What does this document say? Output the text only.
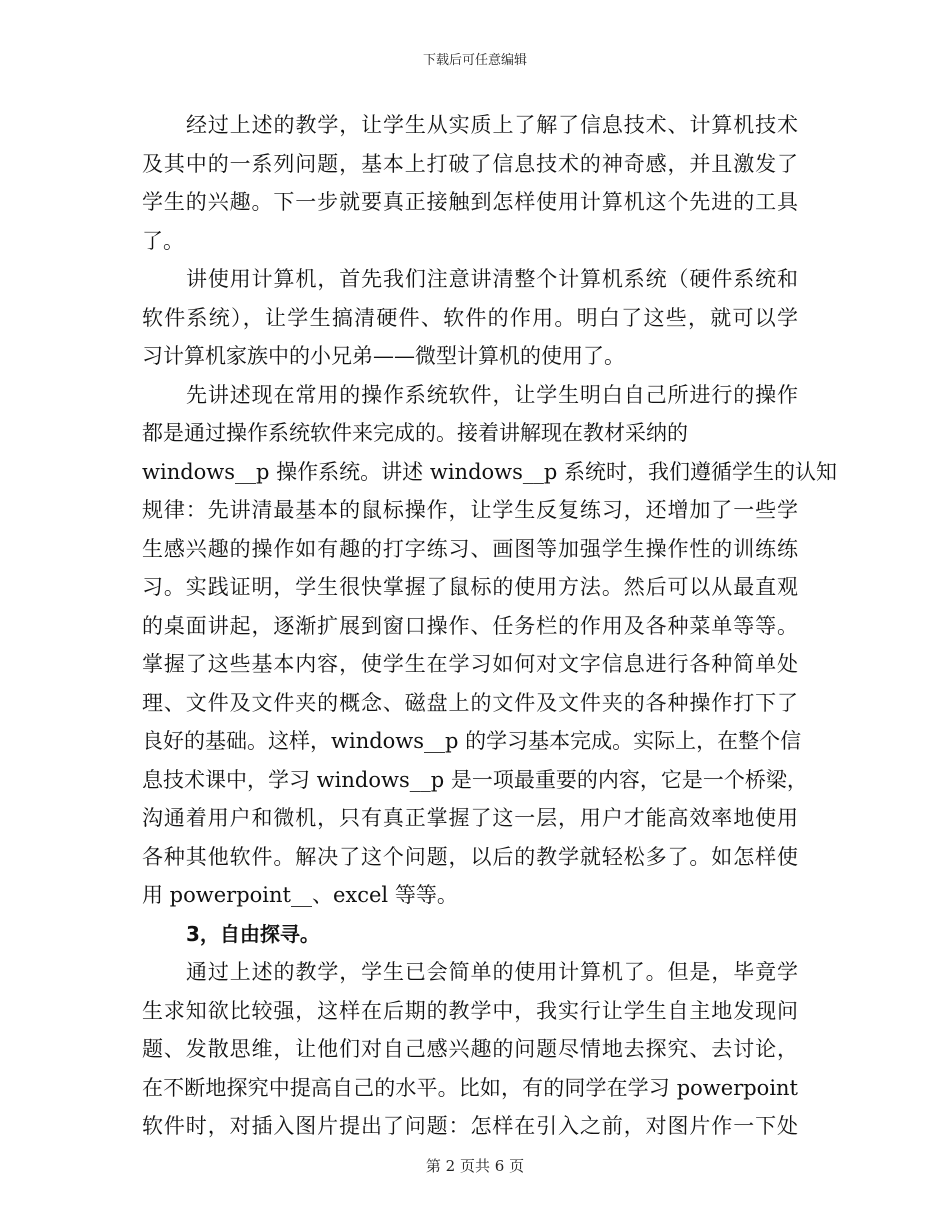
下载后可任意编辑
经过上述的教学，让学生从实质上了解了信息技术、计算机技术
及其中的一系列问题，基本上打破了信息技术的神奇感，并且激发了
学生的兴趣。下一步就要真正接触到怎样使用计算机这个先进的工具
了。
讲使用计算机，首先我们注意讲清整个计算机系统（硬件系统和
软件系统），让学生搞清硬件、软件的作用。明白了这些，就可以学
习计算机家族中的小兄弟——微型计算机的使用了。
先讲述现在常用的操作系统软件，让学生明白自己所进行的操作
都是通过操作系统软件来完成的。接着讲解现在教材采纳的
windows__p 操作系统。讲述 windows__p 系统时，我们遵循学生的认知
规律：先讲清最基本的鼠标操作，让学生反复练习，还增加了一些学
生感兴趣的操作如有趣的打字练习、画图等加强学生操作性的训练练
习。实践证明，学生很快掌握了鼠标的使用方法。然后可以从最直观
的桌面讲起，逐渐扩展到窗口操作、任务栏的作用及各种菜单等等。
掌握了这些基本内容，使学生在学习如何对文字信息进行各种简单处
理、文件及文件夹的概念、磁盘上的文件及文件夹的各种操作打下了
良好的基础。这样，windows__p 的学习基本完成。实际上，在整个信
息技术课中，学习 windows__p 是一项最重要的内容，它是一个桥梁，
沟通着用户和微机，只有真正掌握了这一层，用户才能高效率地使用
各种其他软件。解决了这个问题，以后的教学就轻松多了。如怎样使
用 powerpoint__、excel 等等。
3，自由探寻。
通过上述的教学，学生已会简单的使用计算机了。但是，毕竟学
生求知欲比较强，这样在后期的教学中，我实行让学生自主地发现问
题、发散思维，让他们对自己感兴趣的问题尽情地去探究、去讨论，
在不断地探究中提高自己的水平。比如，有的同学在学习 powerpoint
软件时，对插入图片提出了问题：怎样在引入之前，对图片作一下处
第 2 页共 6 页
